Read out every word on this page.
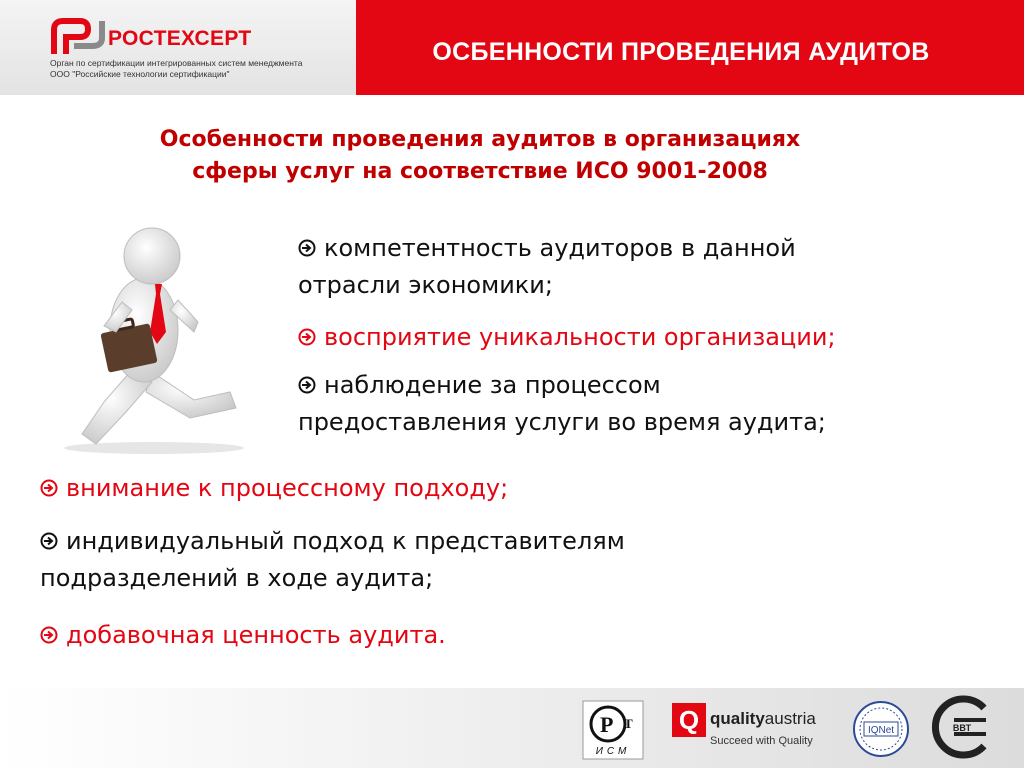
РОСТЕХСЕРТ
Орган по сертификации интегрированных систем менеджмента
ООО "Российские технологии сертификации"
ОСБЕННОСТИ ПРОВЕДЕНИЯ АУДИТОВ
Особенности проведения аудитов в организациях
сферы услуг на соответствие ИСО 9001-2008
компетентность аудиторов в данной
отрасли экономики;
восприятие уникальности организации;
наблюдение за процессом
предоставления услуги во время аудита;
внимание к процессному подходу;
индивидуальный подход к представителям
подразделений в ходе аудита;
добавочная ценность аудита.
P Т
ИСМ
Q qualityaustria
Succeed with Quality
IQNet	ВВТ
